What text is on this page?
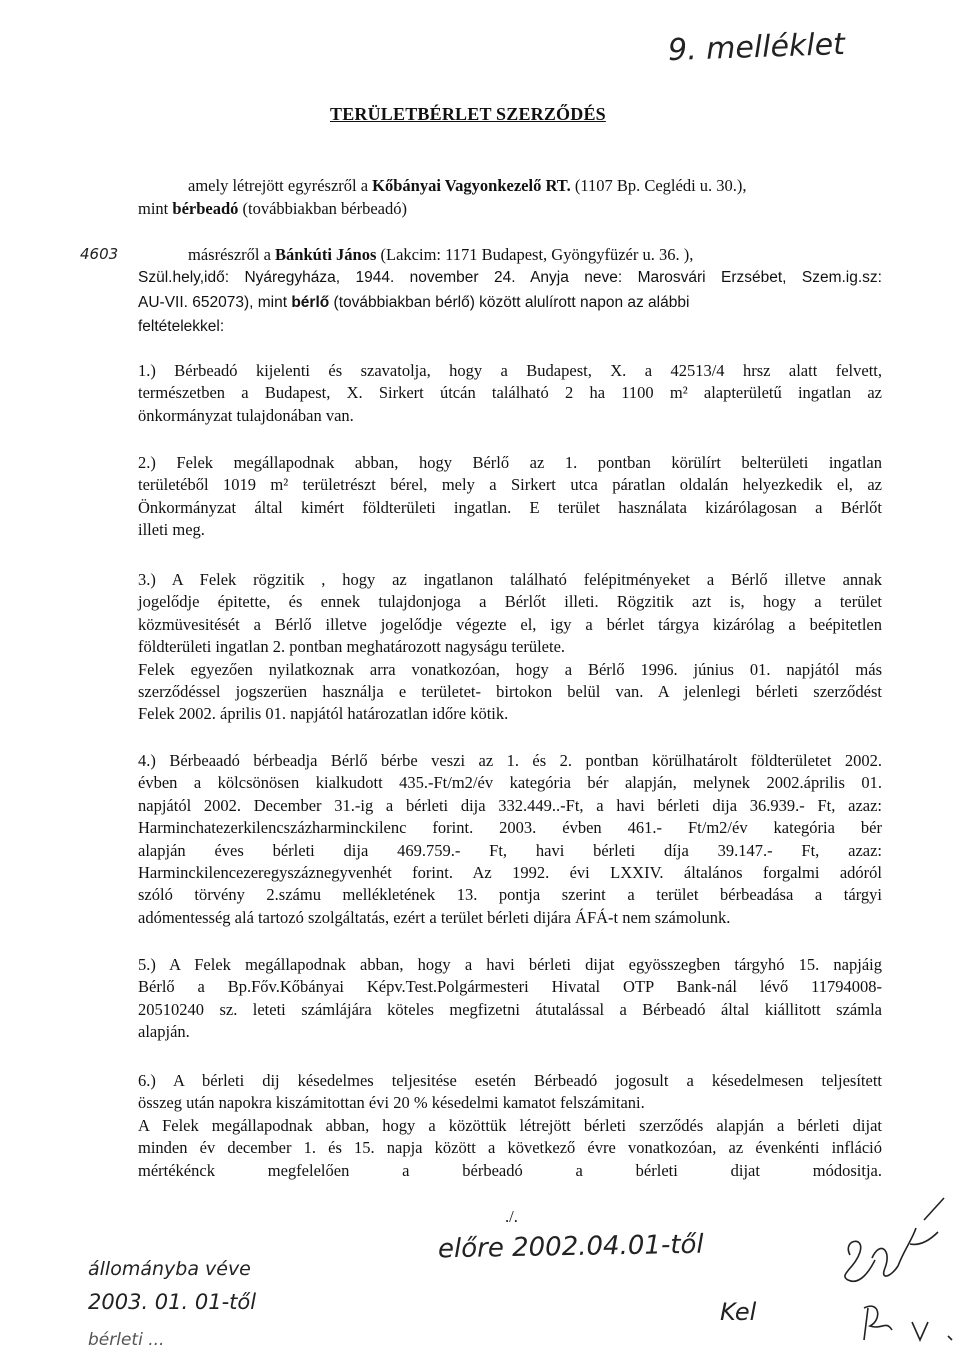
9. melléklet
4603
TERÜLETBÉRLET SZERZŐDÉS
amely létrejött egyrészről a Kőbányai Vagyonkezelő RT. (1107 Bp. Ceglédi u. 30.),
mint bérbeadó (továbbiakban bérbeadó)
másrészről a Bánkúti János (Lakcim: 1171 Budapest, Gyöngyfüzér u. 36. ),
Szül.hely,idő: Nyáregyháza, 1944. november 24. Anyja neve: Marosvári Erzsébet, Szem.ig.sz:
AU-VII. 652073), mint bérlő (továbbiakban bérlő) között alulírott napon az alábbi
feltételekkel:
1.) Bérbeadó kijelenti és szavatolja, hogy a Budapest, X. a 42513/4 hrsz alatt felvett,
természetben a Budapest, X. Sirkert útcán található 2 ha 1100 m² alapterületű ingatlan az
önkormányzat tulajdonában van.
2.) Felek megállapodnak abban, hogy Bérlő az 1. pontban körülírt belterületi ingatlan
területéből 1019 m² területrészt bérel, mely a Sirkert utca páratlan oldalán helyezkedik el, az
Önkormányzat által kimért földterületi ingatlan. E terület használata kizárólagosan a Bérlőt
illeti meg.
3.) A Felek rögzitik , hogy az ingatlanon található felépitményeket a Bérlő illetve annak
jogelődje épitette, és ennek tulajdonjoga a Bérlőt illeti. Rögzitik azt is, hogy a terület
közmüvesitését a Bérlő illetve jogelődje végezte el, igy a bérlet tárgya kizárólag a beépitetlen
földterületi ingatlan 2. pontban meghatározott nagyságu területe.
Felek egyezően nyilatkoznak arra vonatkozóan, hogy a Bérlő 1996. június 01. napjától más
szerződéssel jogszerüen használja e területet- birtokon belül van. A jelenlegi bérleti szerződést
Felek 2002. április 01. napjától határozatlan időre kötik.
4.) Bérbeaadó bérbeadja Bérlő bérbe veszi az 1. és 2. pontban körülhatárolt földterületet 2002.
évben a kölcsönösen kialkudott 435.-Ft/m2/év kategória bér alapján, melynek 2002.április 01.
napjától 2002. December 31.-ig a bérleti dija 332.449..-Ft, a havi bérleti dija 36.939.- Ft, azaz:
Harminchatezerkilencszázharminckilenc forint. 2003. évben 461.- Ft/m2/év kategória bér
alapján éves bérleti dija 469.759.- Ft, havi bérleti díja 39.147.- Ft, azaz:
Harminckilencezeregyszáznegyvenhét forint. Az 1992. évi LXXIV. általános forgalmi adóról
szóló törvény 2.számu mellékletének 13. pontja szerint a terület bérbeadása a tárgyi
adómentesség alá tartozó szolgáltatás, ezért a terület bérleti dijára ÁFÁ-t nem számolunk.
5.) A Felek megállapodnak abban, hogy a havi bérleti dijat egyösszegben tárgyhó 15. napjáig
Bérlő a Bp.Főv.Kőbányai Képv.Test.Polgármesteri Hivatal OTP Bank-nál lévő 11794008-
20510240 sz. leteti számlájára köteles megfizetni átutalással a Bérbeadó által kiállitott számla
alapján.
6.) A bérleti dij késedelmes teljesitése esetén Bérbeadó jogosult a késedelmesen teljesített
összeg után napokra kiszámitottan évi 20 % késedelmi kamatot felszámitani.
A Felek megállapodnak abban, hogy a közöttük létrejött bérleti szerződés alapján a bérleti dijat
minden év december 1. és 15. napja között a következő évre vonatkozóan, az évenkénti infláció
mértékénck megfelelően a bérbeadó a bérleti dijat módositja.
./.
előre 2002.04.01-től
állományba véve
2003. 01. 01-től
bérleti ...
Kel
